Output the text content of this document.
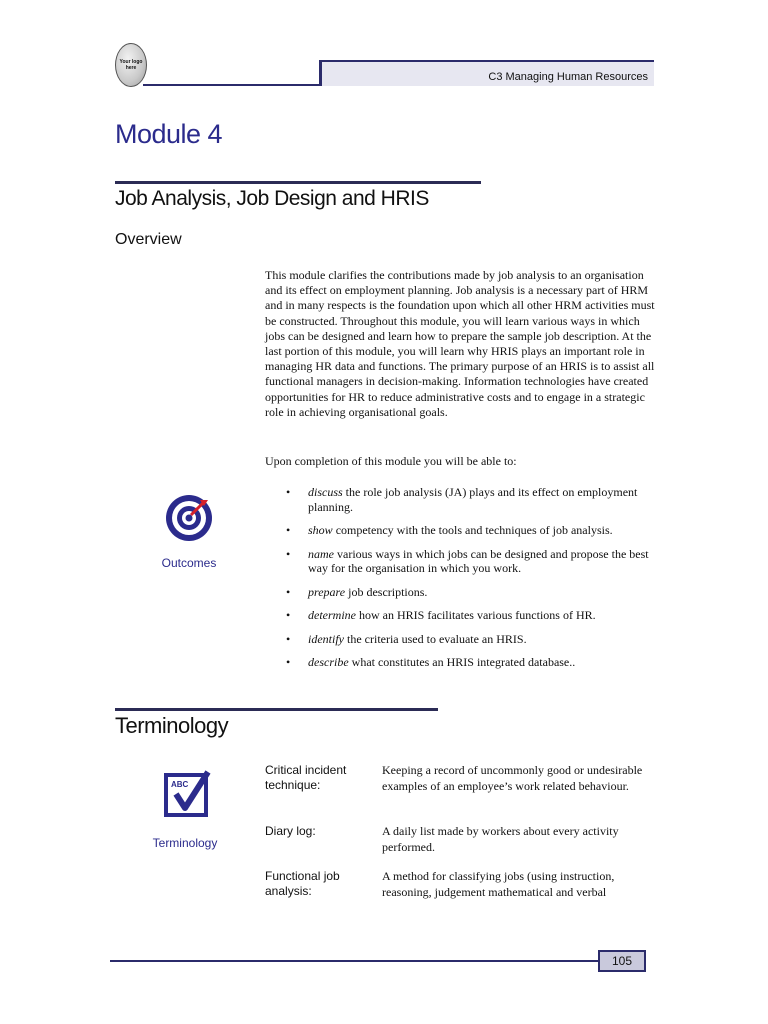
Your logo here
C3 Managing Human Resources
Module 4
Job Analysis, Job Design and HRIS
Overview
This module clarifies the contributions made by job analysis to an organisation and its effect on employment planning. Job analysis is a necessary part of HRM and in many respects is the foundation upon which all other HRM activities must be constructed. Throughout this module, you will learn various ways in which jobs can be designed and learn how to prepare the sample job description. At the last portion of this module, you will learn why HRIS plays an important role in managing HR data and functions. The primary purpose of an HRIS is to assist all functional managers in decision-making. Information technologies have created opportunities for HR to reduce administrative costs and to engage in a strategic role in achieving organisational goals.
Upon completion of this module you will be able to:
Outcomes
• discuss the role job analysis (JA) plays and its effect on employment planning.
• show competency with the tools and techniques of job analysis.
• name various ways in which jobs can be designed and propose the best way for the organisation in which you work.
• prepare job descriptions.
• determine how an HRIS facilitates various functions of HR.
• identify the criteria used to evaluate an HRIS.
• describe what constitutes an HRIS integrated database..
Terminology
ABC
Terminology
Critical incident technique:
Keeping a record of uncommonly good or undesirable examples of an employee’s work related behaviour.
Diary log:	A daily list made by workers about every activity performed.
Functional job analysis:
A method for classifying jobs (using instruction, reasoning, judgement mathematical and verbal
105
